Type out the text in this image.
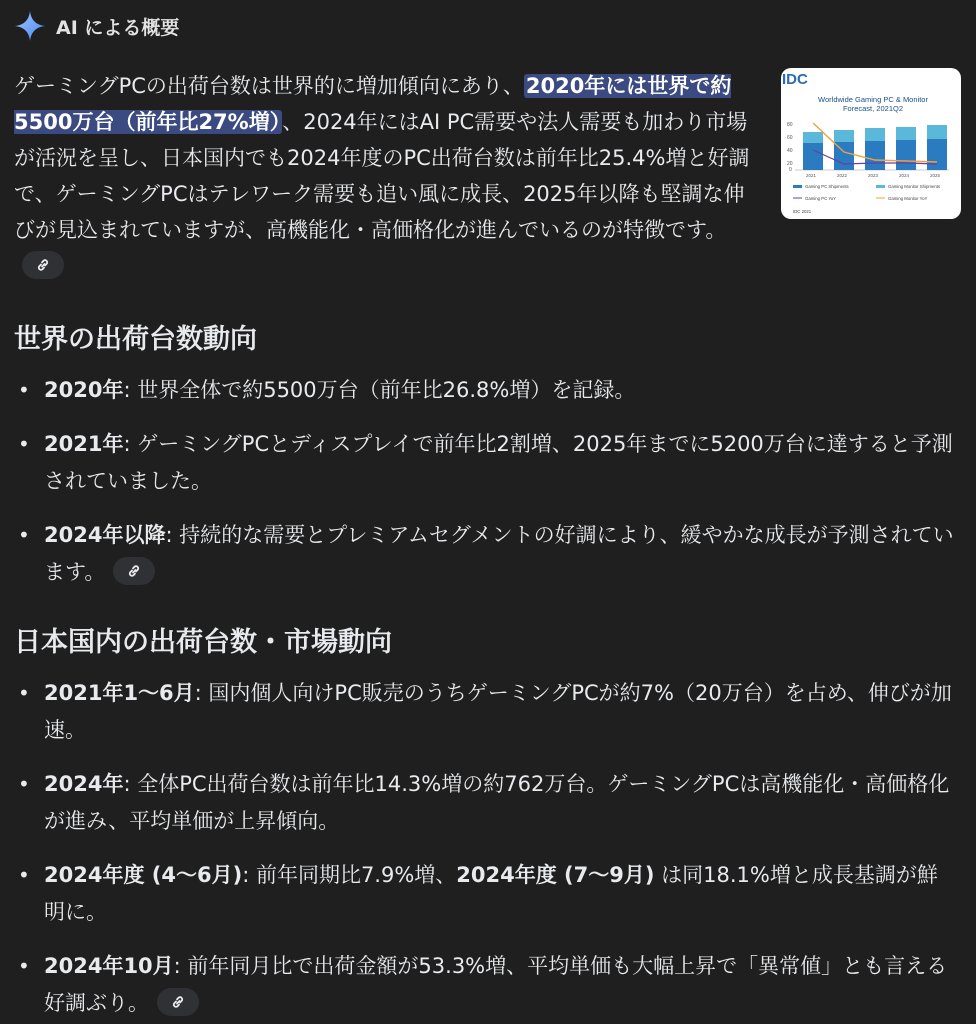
AI による概要
ゲーミングPCの出荷台数は世界的に増加傾向にあり、2020年には世界で約5500万台（前年比27%増）、2024年にはAI PC需要や法人需要も加わり市場が活況を呈し、日本国内でも2024年度のPC出荷台数は前年比25.4%増と好調で、ゲーミングPCはテレワーク需要も追い風に成長、2025年以降も堅調な伸びが見込まれていますが、高機能化・高価格化が進んでいるのが特徴です。
IDC
Worldwide Gaming PC & Monitor
Forecast, 2021Q2
80
60
40
20
0
2021	2022	2023	2024	2025
Gaming PC Shipments	Gaming Monitor Shipments
Gaming PC YoY	Gaming Monitor YoY
IDC 2021
世界の出荷台数動向
• 2020年: 世界全体で約5500万台（前年比26.8%増）を記録。
• 2021年: ゲーミングPCとディスプレイで前年比2割増、2025年までに5200万台に達すると予測されていました。
• 2024年以降: 持続的な需要とプレミアムセグメントの好調により、緩やかな成長が予測されています。
日本国内の出荷台数・市場動向
• 2021年1〜6月: 国内個人向けPC販売のうちゲーミングPCが約7%（20万台）を占め、伸びが加速。
• 2024年: 全体PC出荷台数は前年比14.3%増の約762万台。ゲーミングPCは高機能化・高価格化が進み、平均単価が上昇傾向。
• 2024年度 (4〜6月): 前年同期比7.9%増、2024年度 (7〜9月) は同18.1%増と成長基調が鮮明に。
• 2024年10月: 前年同月比で出荷金額が53.3%増、平均単価も大幅上昇で「異常値」とも言える好調ぶり。
